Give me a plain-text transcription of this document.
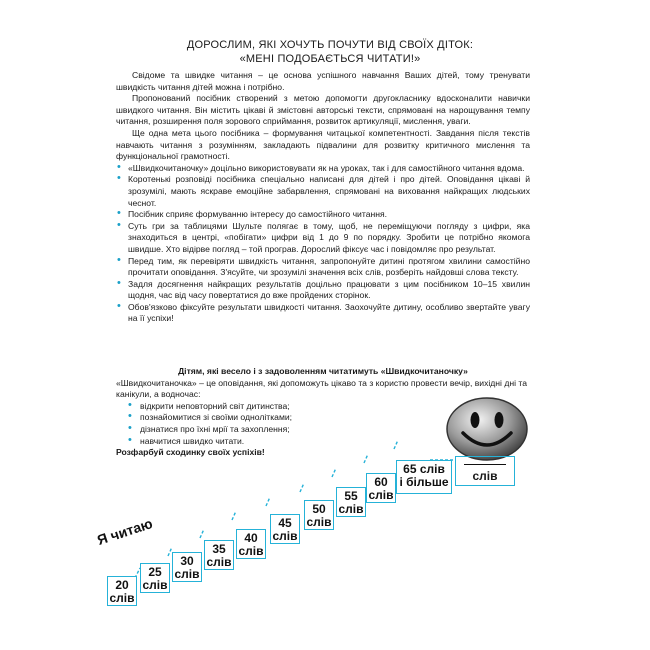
ДОРОСЛИМ, ЯКІ ХОЧУТЬ ПОЧУТИ ВІД СВОЇХ ДІТОК:
«МЕНІ ПОДОБАЄТЬСЯ ЧИТАТИ!»

Свідоме та швидке читання – це основа успішного навчання Ваших дітей, тому тренувати швидкість читання дітей можна і потрібно.

Пропонований посібник створений з метою допомогти другокласнику вдосконалити навички швидкого читання. Він містить цікаві й змістовні авторські тексти, спрямовані на нарощування темпу читання, розширення поля зорового сприймання, розвиток артикуляції, мислення, уваги.

Ще одна мета цього посібника – формування читацької компетентності. Завдання після текстів навчають читання з розумінням, закладають підвалини для розвитку критичного мислення та функціональної грамотності.

• «Швидкочитаночку» доцільно використовувати як на уроках, так і для самостійного читання вдома.
• Коротенькі розповіді посібника спеціально написані для дітей і про дітей. Оповідання цікаві й зрозумілі, мають яскраве емоційне забарвлення, спрямовані на виховання найкращих людських чеснот.
• Посібник сприяє формуванню інтересу до самостійного читання.
• Суть гри за таблицями Шульте полягає в тому, щоб, не переміщуючи погляду з цифри, яка знаходиться в центрі, «побігати» цифри від 1 до 9 по порядку. Зробити це потрібно якомога швидше. Хто відірве погляд – той програв. Дорослий фіксує час і повідомляє про результат.
• Перед тим, як перевіряти швидкість читання, запропонуйте дитині протягом хвилини самостійно прочитати оповідання. З'ясуйте, чи зрозумілі значення всіх слів, розберіть найдовші слова тексту.
• Задля досягнення найкращих результатів доцільно працювати з цим посібником 10–15 хвилин щодня, час від часу повертатися до вже пройдених сторінок.
• Обов'язково фіксуйте результати швидкості читання. Заохочуйте дитину, особливо звертайте увагу на її успіхи!

Дітям, які весело і з задоволенням читатимуть «Швидкочитаночку»

«Швидкочитаночка» – це оповідання, які допоможуть цікаво та з користю провести вечір, вихідні дні та канікули, а водночас:

• відкрити неповторний світ дитинства;
• познайомитися зі своїми однолітками;
• дізнатися про їхні мрії та захоплення;
• навчитися швидко читати.

Розфарбуй сходинку своїх успіхів!

Я читаю
20
слів
25
слів
30
слів
35
слів
40
слів
45
слів
50
слів
55
слів
60
слів
65 слів
і більше	слів
